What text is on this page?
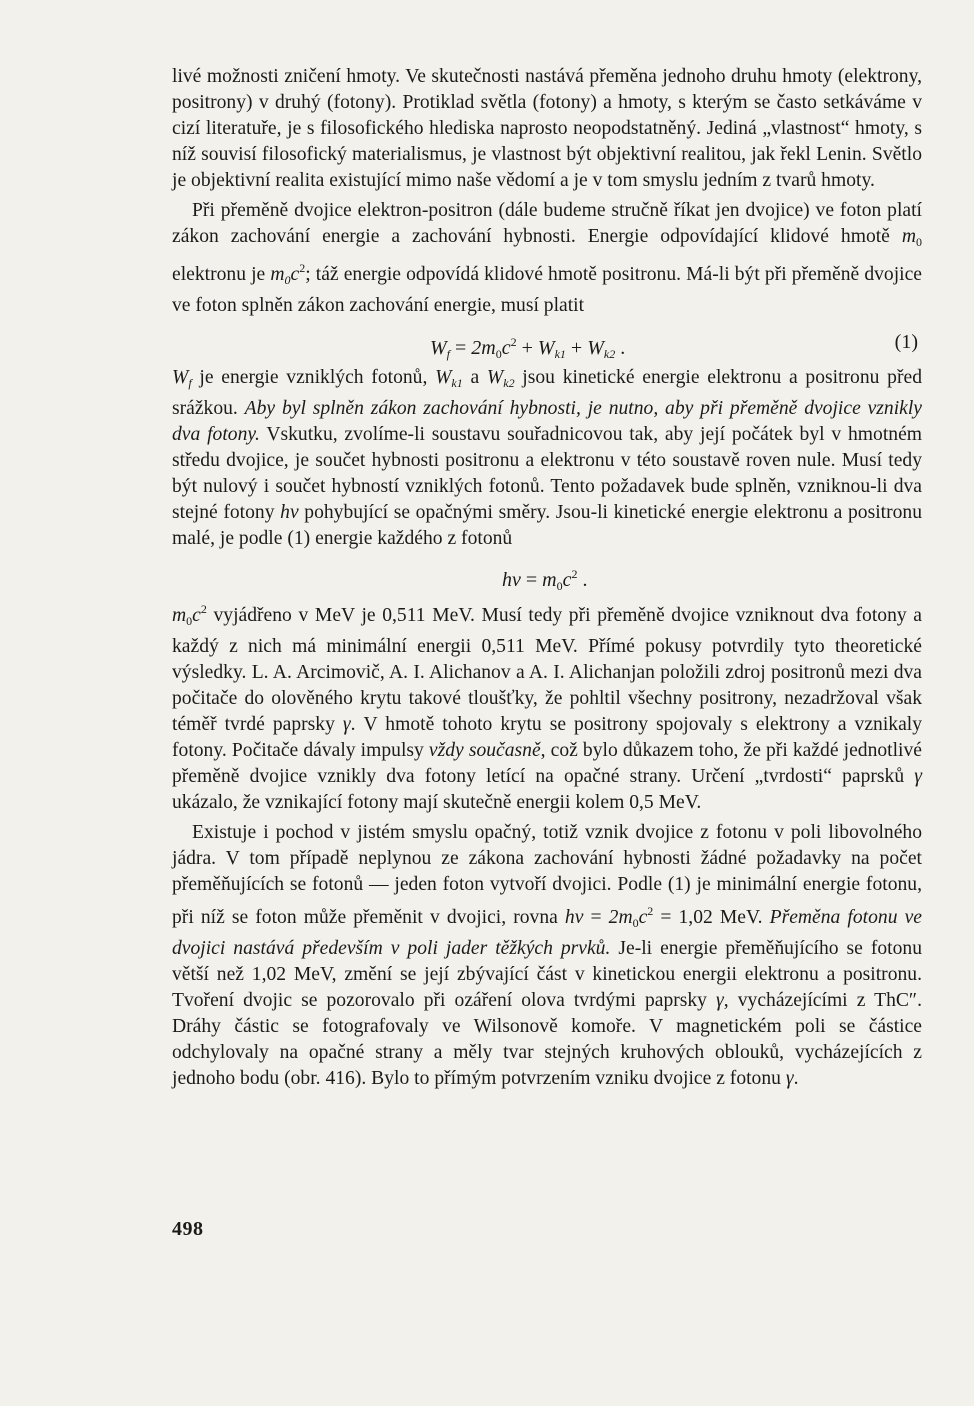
livé možnosti zničení hmoty. Ve skutečnosti nastává přeměna jednoho druhu hmoty (elektrony, positrony) v druhý (fotony). Protiklad světla (fotony) a hmoty, s kterým se často setkáváme v cizí literatuře, je s filosofického hlediska naprosto neopodstatněný. Jediná „vlastnost“ hmoty, s níž souvisí filosofický materialismus, je vlastnost být objektivní realitou, jak řekl Lenin. Světlo je objektivní realita existující mimo naše vědomí a je v tom smyslu jedním z tvarů hmoty.

Při přeměně dvojice elektron-positron (dále budeme stručně říkat jen dvojice) ve foton platí zákon zachování energie a zachování hybnosti. Energie odpovídající klidové hmotě $m_0$ elektronu je $m_0c^2$; táž energie odpovídá klidové hmotě positronu. Má-li být při přeměně dvojice ve foton splněn zákon zachování energie, musí platit

$W_f = 2m_0c^2 + W_{k1} + W_{k2}$ .	(1)

$W_f$ je energie vzniklých fotonů, $W_{k1}$ a $W_{k2}$ jsou kinetické energie elektronu a positronu před srážkou. Aby byl splněn zákon zachování hybnosti, je nutno, aby při přeměně dvojice vznikly dva fotony. Vskutku, zvolíme-li soustavu souřadnicovou tak, aby její počátek byl v hmotném středu dvojice, je součet hybnosti positronu a elektronu v této soustavě roven nule. Musí tedy být nulový i součet hybností vzniklých fotonů. Tento požadavek bude splněn, vzniknou-li dva stejné fotony hν pohybující se opačnými směry. Jsou-li kinetické energie elektronu a positronu malé, je podle (1) energie každého z fotonů

$h\nu = m_0c^2$ .

$m_0c^2$ vyjádřeno v MeV je 0,511 MeV. Musí tedy při přeměně dvojice vzniknout dva fotony a každý z nich má minimální energii 0,511 MeV. Přímé pokusy potvrdily tyto theoretické výsledky. L. A. Arcimovič, A. I. Alichanov a A. I. Alichanjan položili zdroj positronů mezi dva počitače do olověného krytu takové tloušťky, že pohltil všechny positrony, nezadržoval však téměř tvrdé paprsky γ. V hmotě tohoto krytu se positrony spojovaly s elektrony a vznikaly fotony. Počitače dávaly impulsy vždy současně, což bylo důkazem toho, že při každé jednotlivé přeměně dvojice vznikly dva fotony letící na opačné strany. Určení „tvrdosti“ paprsků γ ukázalo, že vznikající fotony mají skutečně energii kolem 0,5 MeV.

Existuje i pochod v jistém smyslu opačný, totiž vznik dvojice z fotonu v poli libovolného jádra. V tom případě neplynou ze zákona zachování hybnosti žádné požadavky na počet přeměňujících se fotonů — jeden foton vytvoří dvojici. Podle (1) je minimální energie fotonu, při níž se foton může přeměnit v dvojici, rovna $h\nu = 2m_0c^2 = 1,02$ MeV. Přeměna fotonu ve dvojici nastává především v poli jader těžkých prvků. Je-li energie přeměňujícího se fotonu větší než 1,02 MeV, změní se její zbývající část v kinetickou energii elektronu a positronu. Tvoření dvojic se pozorovalo při ozáření olova tvrdými paprsky γ, vycházejícími z ThC″. Dráhy částic se fotografovaly ve Wilsonově komoře. V magnetickém poli se částice odchylovaly na opačné strany a měly tvar stejných kruhových oblouků, vycházejících z jednoho bodu (obr. 416). Bylo to přímým potvrzením vzniku dvojice z fotonu γ.

498
